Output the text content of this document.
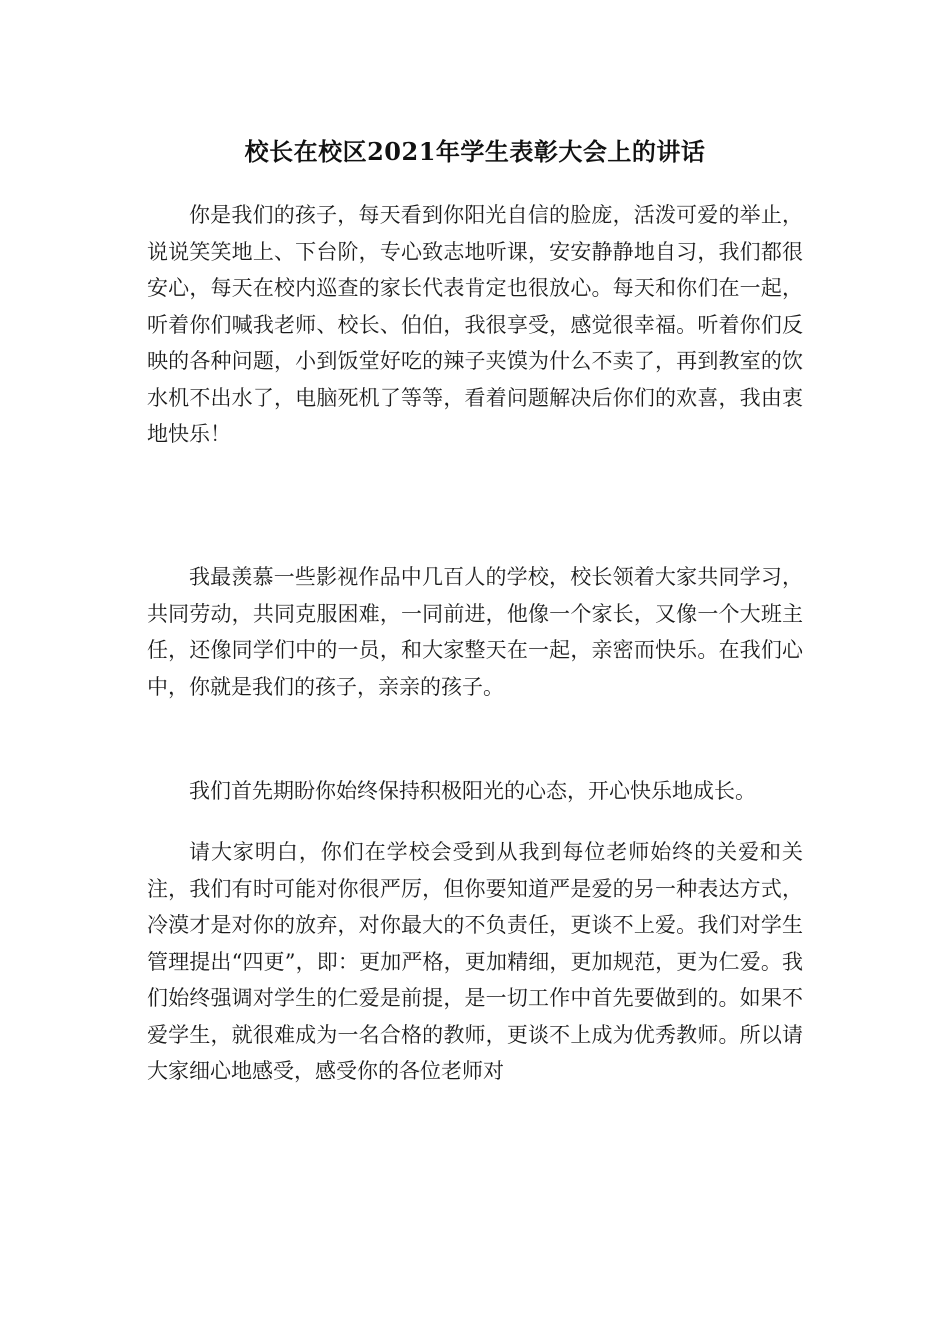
校长在校区2021年学生表彰大会上的讲话

你是我们的孩子，每天看到你阳光自信的脸庞，活泼可爱的举止，说说笑笑地上、下台阶，专心致志地听课，安安静静地自习，我们都很安心，每天在校内巡查的家长代表肯定也很放心。每天和你们在一起，听着你们喊我老师、校长、伯伯，我很享受，感觉很幸福。听着你们反映的各种问题，小到饭堂好吃的辣子夹馍为什么不卖了，再到教室的饮水机不出水了，电脑死机了等等，看着问题解决后你们的欢喜，我由衷地快乐！

我最羡慕一些影视作品中几百人的学校，校长领着大家共同学习，共同劳动，共同克服困难，一同前进，他像一个家长，又像一个大班主任，还像同学们中的一员，和大家整天在一起，亲密而快乐。在我们心中，你就是我们的孩子，亲亲的孩子。

我们首先期盼你始终保持积极阳光的心态，开心快乐地成长。

请大家明白，你们在学校会受到从我到每位老师始终的关爱和关注，我们有时可能对你很严厉，但你要知道严是爱的另一种表达方式，冷漠才是对你的放弃，对你最大的不负责任，更谈不上爱。我们对学生管理提出“四更”，即：更加严格，更加精细，更加规范，更为仁爱。我们始终强调对学生的仁爱是前提，是一切工作中首先要做到的。如果不爱学生，就很难成为一名合格的教师，更谈不上成为优秀教师。所以请大家细心地感受，感受你的各位老师对
